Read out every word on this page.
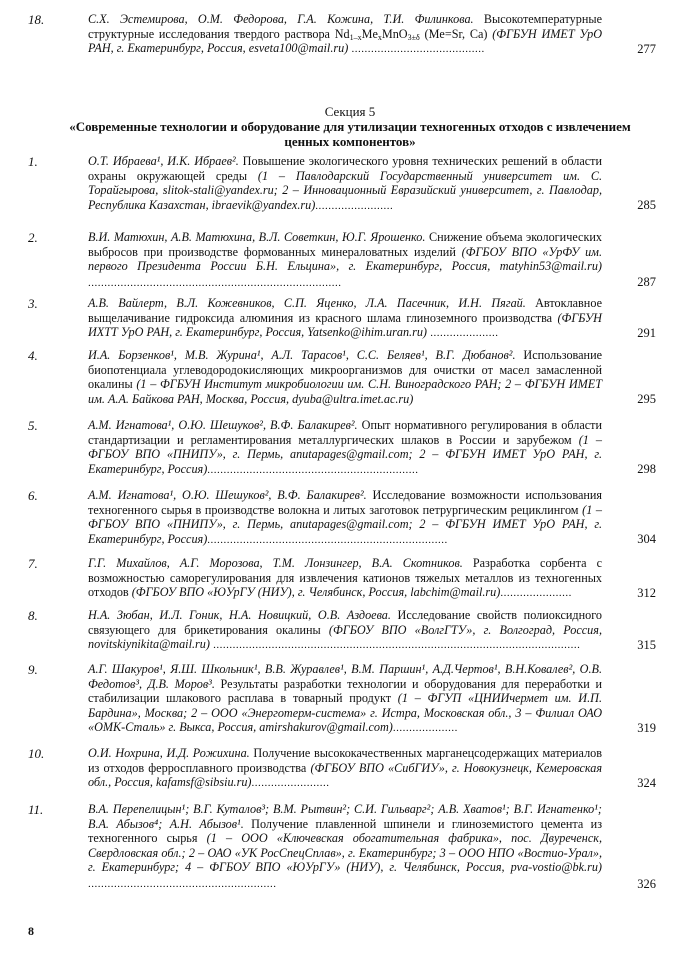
18.	С.Х. Эстемирова, О.М. Федорова, Г.А. Кожина, Т.И. Филинкова. Высокотемпературные структурные исследования твердого раствора $Nd_{1-x}Me_xMnO_{3\pm\delta}$ (Me=Sr, Ca) (ФГБУН ИМЕТ УрО РАН, г. Екатеринбург, Россия, esveta100@mail.ru) .........................................	277
Секция 5
«Современные технологии и оборудование для утилизации техногенных отходов с извлечением ценных компонентов»
1.	О.Т. Ибраева¹, И.К. Ибраев². Повышение экологического уровня технических решений в области охраны окружающей среды (1 – Павлодарский Государственный университет им. С. Торайгырова, slitok-stali@yandex.ru; 2 – Инновационный Евразийский университет, г. Павлодар, Республика Казахстан, ibraevik@yandex.ru)........................	285
2.	В.И. Матюхин, А.В. Матюхина, В.Л. Советкин, Ю.Г. Ярошенко. Снижение объема экологических выбросов при производстве формованных минераловатных изделий (ФГБОУ ВПО «УрФУ им. первого Президента России Б.Н. Ельцина», г. Екатеринбург, Россия, matyhin53@mail.ru) ..............................................................................	287
3.	А.В. Вайлерт, В.Л. Кожевников, С.П. Яценко, Л.А. Пасечник, И.Н. Пягай. Автоклавное выщелачивание гидроксида алюминия из красного шлама глиноземного производства (ФГБУН ИХТТ УрО РАН, г. Екатеринбург, Россия, Yatsenko@ihim.uran.ru) .....................	291
4.	И.А. Борзенков¹, М.В. Журина¹, А.Л. Тарасов¹, С.С. Беляев¹, В.Г. Дюбанов². Использование биопотенциала углеводородокисляющих микроорганизмов для очистки от масел замасленной окалины (1 – ФГБУН Институт микробиологии им. С.Н. Виноградского РАН; 2 – ФГБУН ИМЕТ им. А.А. Байкова РАН, Москва, Россия, dyuba@ultra.imet.ac.ru)	295
5.	А.М. Игнатова¹, О.Ю. Шешуков², В.Ф. Балакирев². Опыт нормативного регулирования в области стандартизации и регламентирования металлургических шлаков в России и зарубежом (1 – ФГБОУ ВПО «ПНИПУ», г. Пермь, anutapages@gmail.com; 2 – ФГБУН ИМЕТ УрО РАН, г. Екатеринбург, Россия).................................................................	298
6.	А.М. Игнатова¹, О.Ю. Шешуков², В.Ф. Балакирев². Исследование возможности использования техногенного сырья в производстве волокна и литых заготовок петрургическим рециклингом (1 – ФГБОУ ВПО «ПНИПУ», г. Пермь, anutapages@gmail.com; 2 – ФГБУН ИМЕТ УрО РАН, г. Екатеринбург, Россия)..........................................................................	304
7.	Г.Г. Михайлов, А.Г. Морозова, Т.М. Лонзингер, В.А. Скотников. Разработка сорбента с возможностью саморегулирования для извлечения катионов тяжелых металлов из техногенных отходов (ФГБОУ ВПО «ЮУрГУ (НИУ), г. Челябинск, Россия, labchim@mail.ru)......................	312
8.	Н.А. Зюбан, И.Л. Гоник, Н.А. Новицкий, О.В. Аздоева. Исследование свойств полиоксидного связующего для брикетирования окалины (ФГБОУ ВПО «ВолгГТУ», г. Волгоград, Россия, novitskiynikita@mail.ru) .................................................................................................................	315
9.	А.Г. Шакуров¹, Я.Ш. Школьник¹, В.В. Журавлев¹, В.М. Паршин¹, А.Д.Чертов¹, В.Н.Ковалев², О.В. Федотов³, Д.В. Моров³. Результаты разработки технологии и оборудования для переработки и стабилизации шлакового расплава в товарный продукт (1 – ФГУП «ЦНИИчермет им. И.П. Бардина», Москва; 2 – ООО «Энерготерм-система» г. Истра, Московская обл., 3 – Филиал ОАО «ОМК-Сталь» г. Выкса, Россия, amirshakurov@gmail.com)....................	319
10.	О.И. Нохрина, И.Д. Рожихина. Получение высококачественных марганецсодержащих материалов из отходов ферросплавного производства (ФГБОУ ВПО «СибГИУ», г. Новокузнецк, Кемеровская обл., Россия, kafamsf@sibsiu.ru)........................	324
11.	В.А. Перепелицын¹; В.Г. Куталов³; В.М. Рытвин²; С.И. Гильварг²; А.В. Хватов¹; В.Г. Игнатенко¹; В.А. Абызов⁴; А.Н. Абызов¹. Получение плавленной шпинели и глиноземистого цемента из техногенного сырья (1 – ООО «Ключевская обогатительная фабрика», пос. Двуреченск, Свердловская обл.; 2 – ОАО «УК РосСпецСплав», г. Екатеринбург; 3 – ООО НПО «Востио-Урал», г. Екатеринбург; 4 – ФГБОУ ВПО «ЮУрГУ» (НИУ), г. Челябинск, Россия, pva-vostio@bk.ru) ..........................................................	326
8
